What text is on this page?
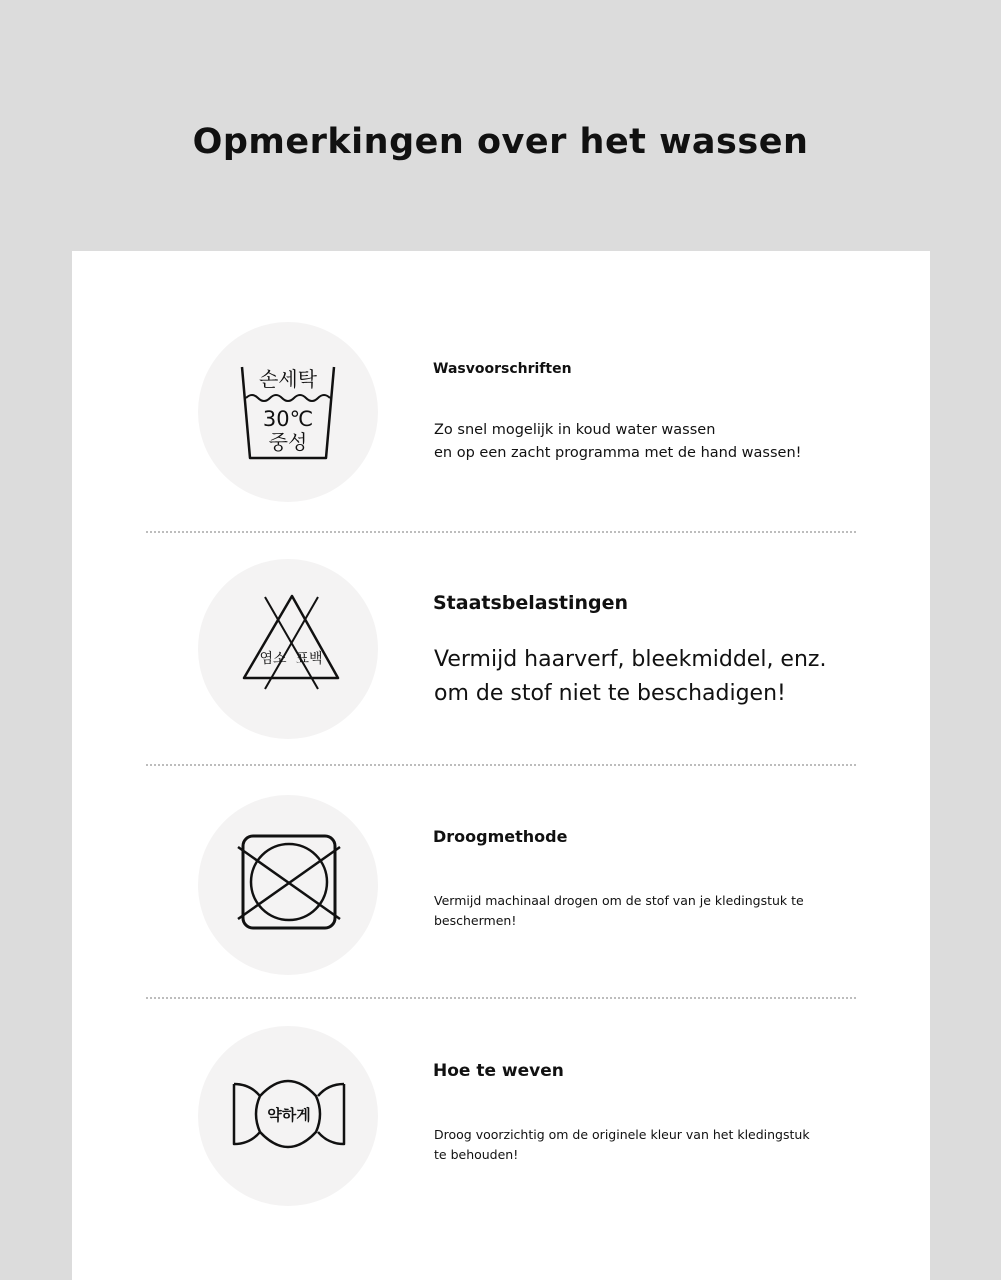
Opmerkingen over het wassen
손세탁
30℃
중성
Wasvoorschriften

Zo snel mogelijk in koud water wassen
en op een zacht programma met de hand wassen!

염소 표백
Staatsbelastingen

Vermijd haarverf, bleekmiddel, enz.
om de stof niet te beschadigen!

Droogmethode

Vermijd machinaal drogen om de stof van je kledingstuk te
beschermen!

약하게
Hoe te weven

Droog voorzichtig om de originele kleur van het kledingstuk
te behouden!
